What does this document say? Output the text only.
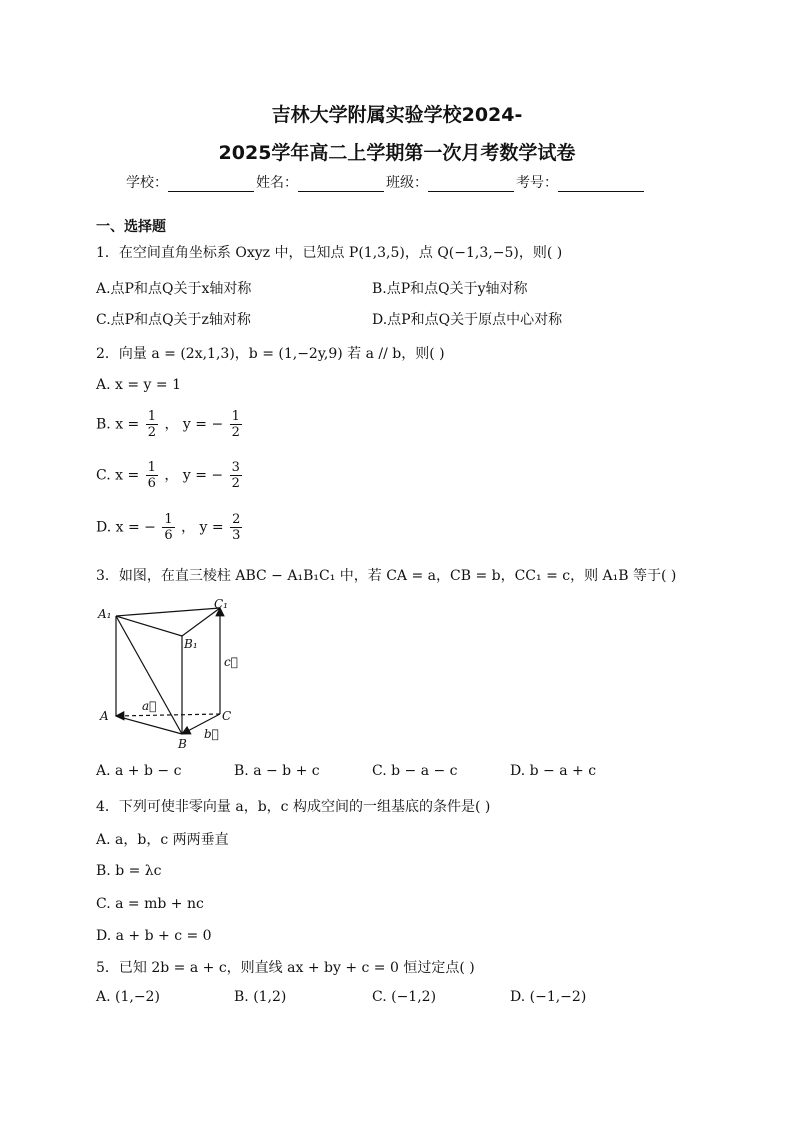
吉林大学附属实验学校2024-
2025学年高二上学期第一次月考数学试卷
学校：	姓名：	班级：	考号：
一、选择题
1．在空间直角坐标系 Oxyz 中，已知点 P(1,3,5)，点 Q(−1,3,−5)，则( )
A.点P和点Q关于x轴对称	B.点P和点Q关于y轴对称
C.点P和点Q关于z轴对称	D.点P和点Q关于原点中心对称
2．向量 a = (2x,1,3)，b = (1,−2y,9) 若 a // b，则( )
A. x = y = 1
B. $x = \frac{1}{2}$ ， y = − $\frac{1}{2}$
C. $x = \frac{1}{6}$ ， y = − $\frac{3}{2}$
D. x = − $\frac{1}{6}$ ， $y = \frac{2}{3}$
3．如图，在直三棱柱 ABC − A₁B₁C₁ 中，若 CA = a，CB = b，CC₁ = c，则 A₁B 等于( )
A₁
C₁
B₁
A
B
C
a⃗
b⃗
c⃗
A. a + b − c	B. a − b + c	C. b − a − c	D. b − a + c
4．下列可使非零向量 a，b，c 构成空间的一组基底的条件是( )
A. a，b，c 两两垂直
B. b = λc
C. a = mb + nc
D. a + b + c = 0
5．已知 2b = a + c，则直线 ax + by + c = 0 恒过定点( )
A. (1,−2)	B. (1,2)	C. (−1,2)	D. (−1,−2)
